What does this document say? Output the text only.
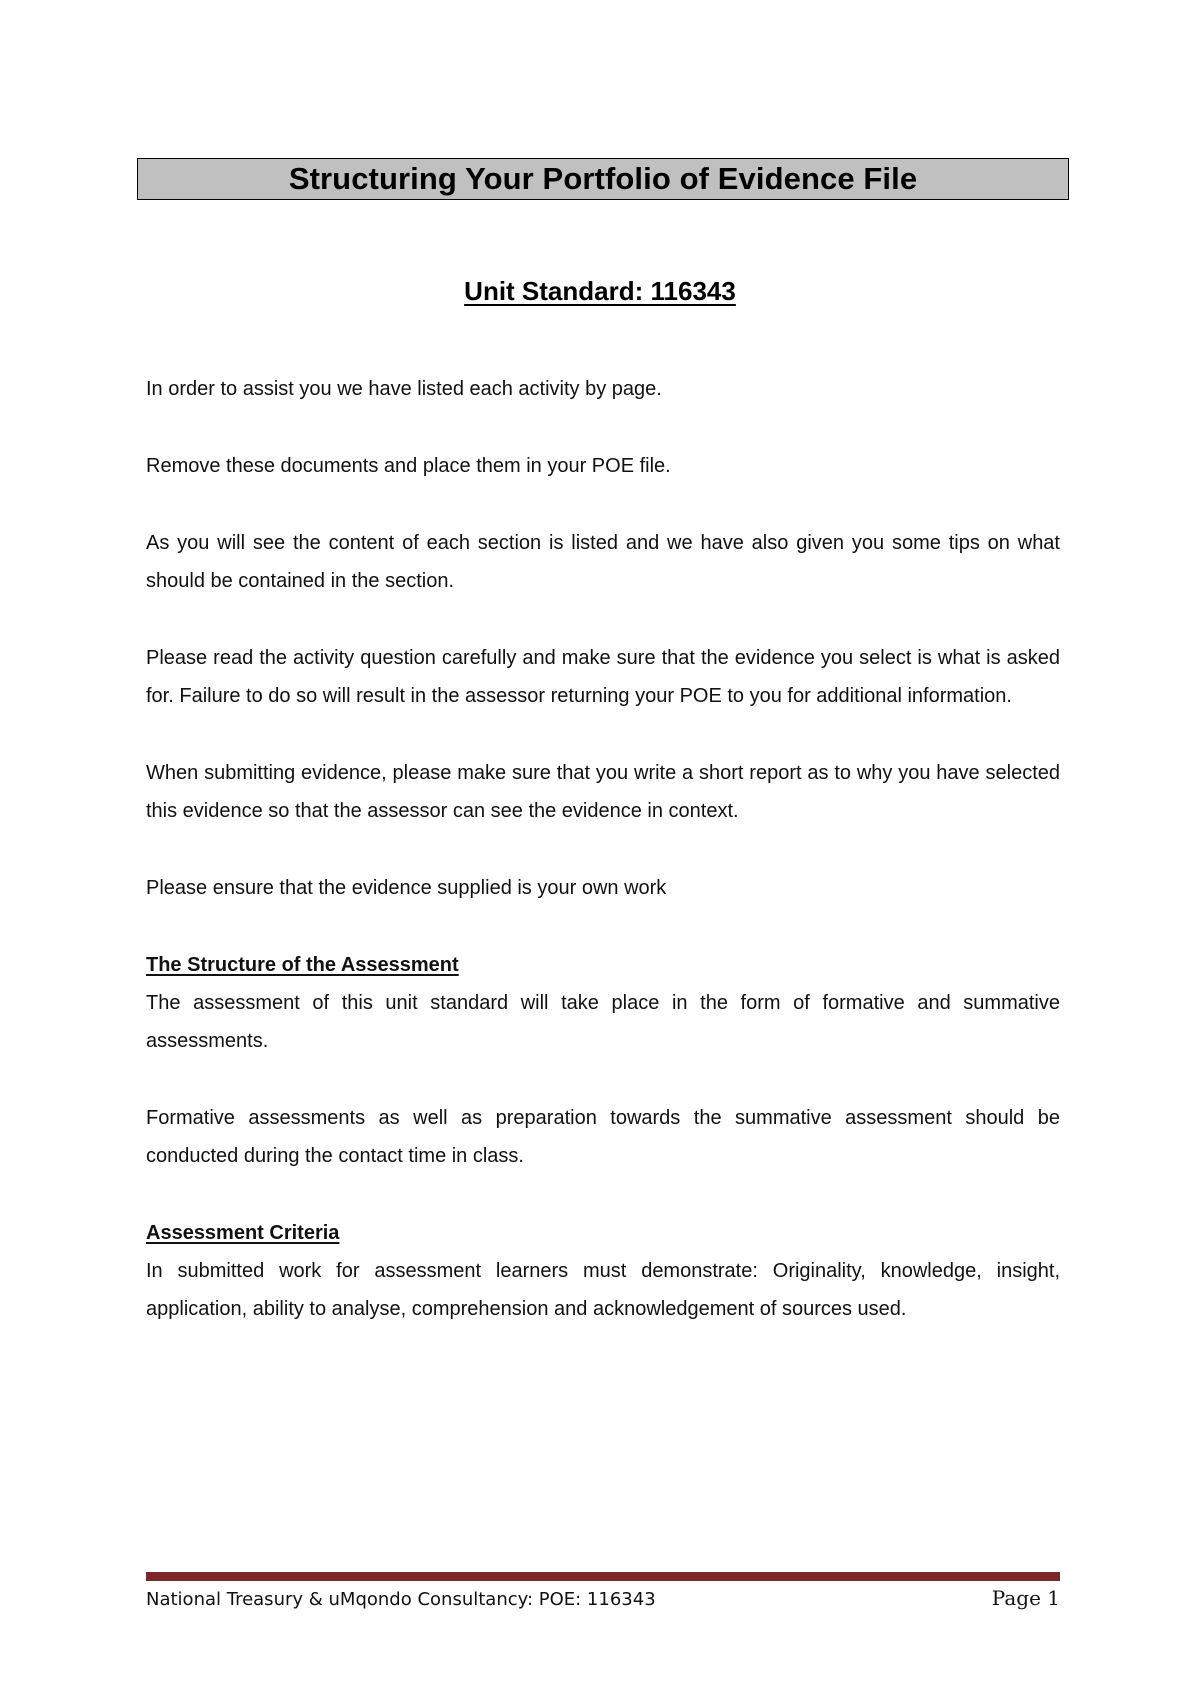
Structuring Your Portfolio of Evidence File
Unit Standard: 116343

In order to assist you we have listed each activity by page.

Remove these documents and place them in your POE file.

As you will see the content of each section is listed and we have also given you some tips on what should be contained in the section.

Please read the activity question carefully and make sure that the evidence you select is what is asked for. Failure to do so will result in the assessor returning your POE to you for additional information.

When submitting evidence, please make sure that you write a short report as to why you have selected this evidence so that the assessor can see the evidence in context.

Please ensure that the evidence supplied is your own work

The Structure of the Assessment

The assessment of this unit standard will take place in the form of formative and summative assessments.

Formative assessments as well as preparation towards the summative assessment should be conducted during the contact time in class.

Assessment Criteria

In submitted work for assessment learners must demonstrate: Originality, knowledge, insight, application, ability to analyse, comprehension and acknowledgement of sources used.

National Treasury & uMqondo Consultancy: POE: 116343	Page 1
